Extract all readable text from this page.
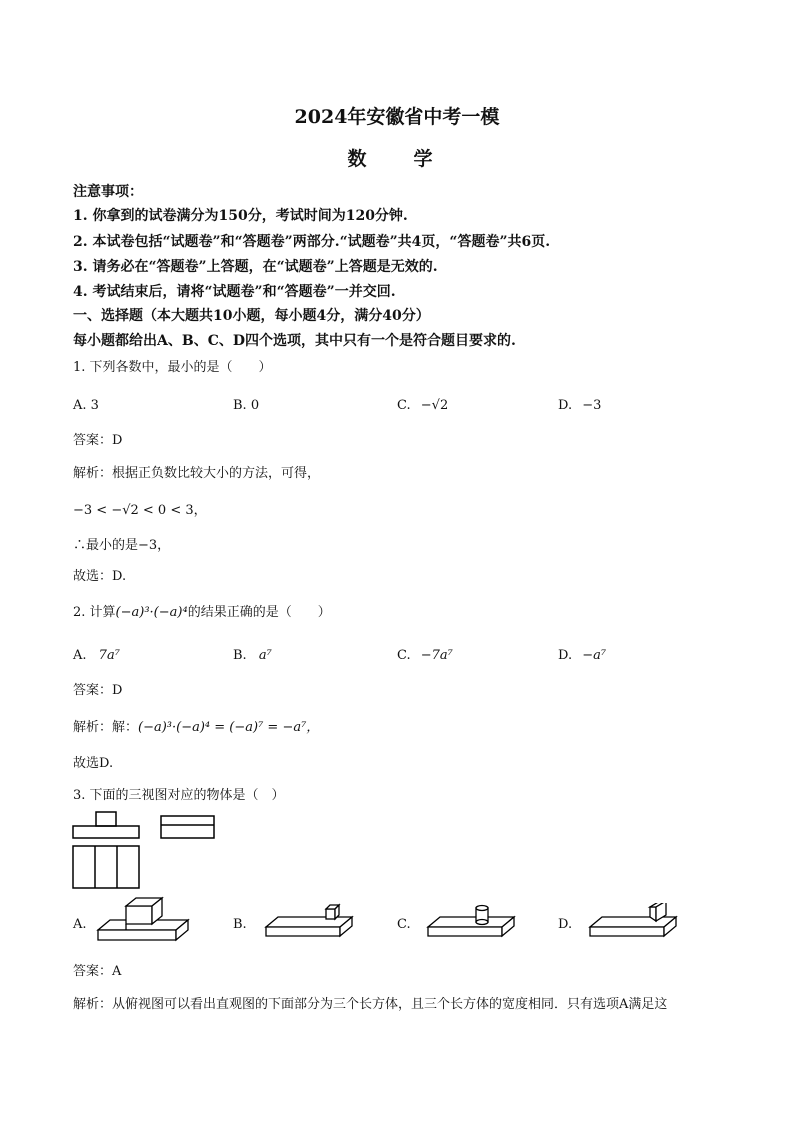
2024年安徽省中考一模
数　学
注意事项：
1. 你拿到的试卷满分为150分，考试时间为120分钟.
2. 本试卷包括“试题卷”和“答题卷”两部分.“试题卷”共4页，“答题卷”共6页.
3. 请务必在“答题卷”上答题，在“试题卷”上答题是无效的.
4. 考试结束后，请将“试题卷”和“答题卷”一并交回.
一、选择题（本大题共10小题，每小题4分，满分40分）
每小题都给出A、B、C、D四个选项，其中只有一个是符合题目要求的.
1. 下列各数中，最小的是（　　）
A. 3	B. 0	C. −√2	D. −3
答案：D
解析：根据正负数比较大小的方法，可得，
−3 < −√2 < 0 < 3，
∴最小的是−3，
故选：D.
2. 计算(−a)³·(−a)⁴的结果正确的是（　　）
A. 7a⁷	B. a⁷	C. −7a⁷	D. −a⁷
答案：D
解析：解：(−a)³·(−a)⁴ = (−a)⁷ = −a⁷，
故选D.
3. 下面的三视图对应的物体是（　）
A.	B.	C.	D.
答案：A
解析：从俯视图可以看出直观图的下面部分为三个长方体，且三个长方体的宽度相同．只有选项A满足这
